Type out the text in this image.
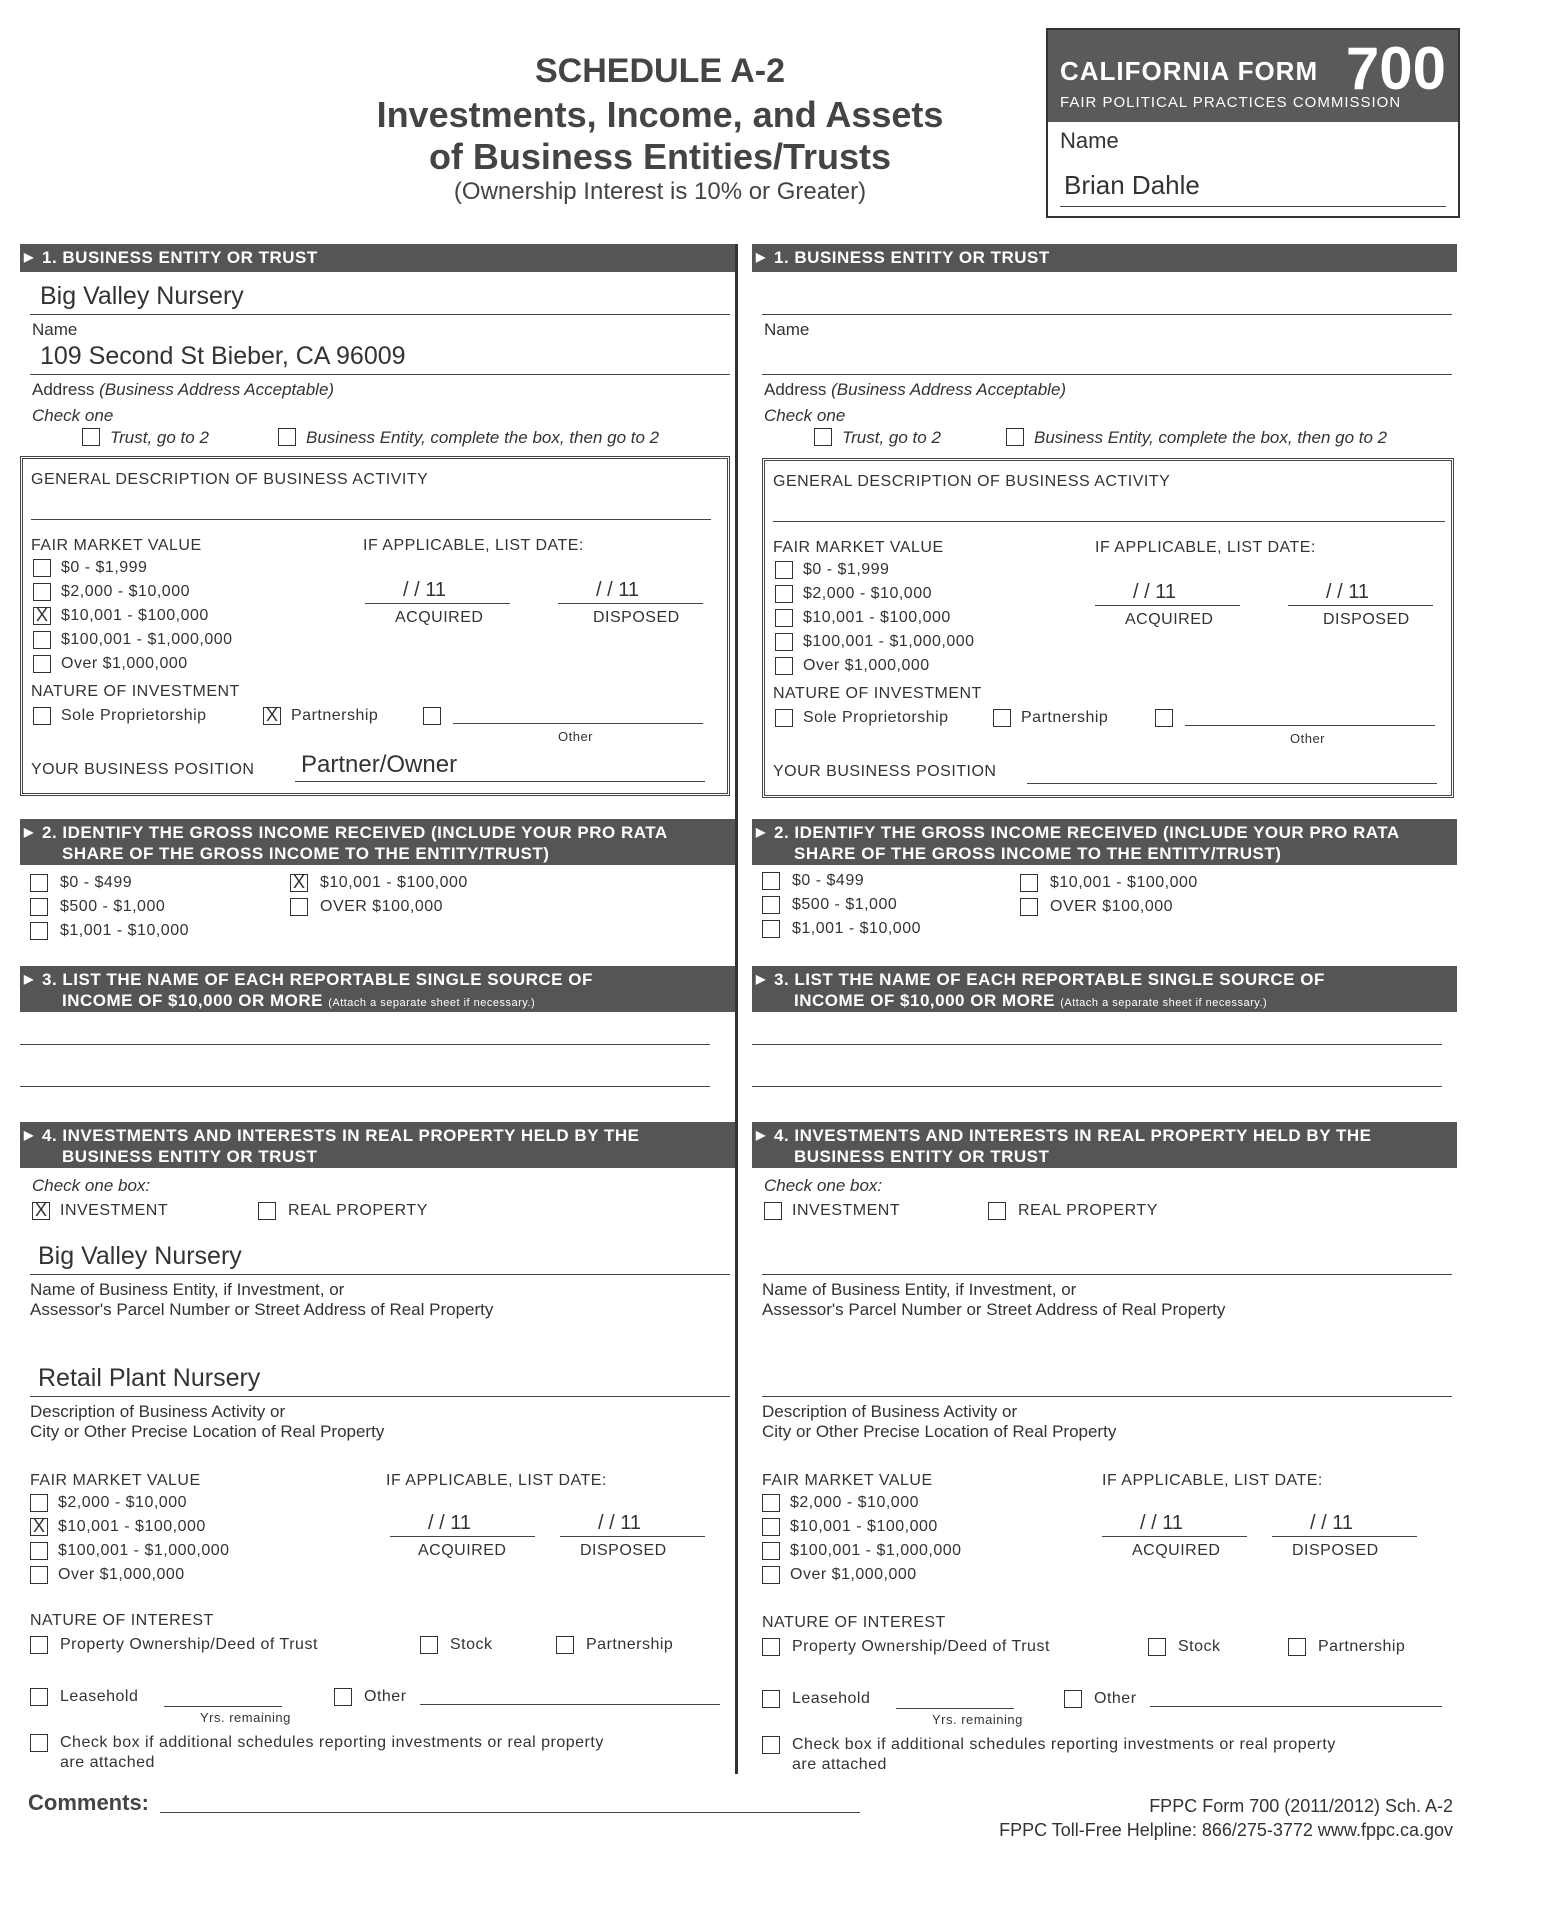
SCHEDULE A-2
Investments, Income, and Assets
of Business Entities/Trusts
(Ownership Interest is 10% or Greater)
CALIFORNIA FORM 700
FAIR POLITICAL PRACTICES COMMISSION
Name
Brian Dahle
▶ 1. BUSINESS ENTITY OR TRUST
Big Valley Nursery
Name
109 Second St Bieber, CA 96009
Address (Business Address Acceptable)
Check one
Trust, go to 2	Business Entity, complete the box, then go to 2
GENERAL DESCRIPTION OF BUSINESS ACTIVITY
FAIR MARKET VALUE	IF APPLICABLE, LIST DATE:
$0 - $1,999
$2,000 - $10,000
X $10,001 - $100,000
$100,001 - $1,000,000
Over $1,000,000
/ / 11
ACQUIRED
/ / 11
DISPOSED
NATURE OF INVESTMENT
Sole Proprietorship	X Partnership
Other
YOUR BUSINESS POSITION Partner/Owner
▶ 2. IDENTIFY THE GROSS INCOME RECEIVED (INCLUDE YOUR PRO RATA
SHARE OF THE GROSS INCOME TO THE ENTITY/TRUST)
$0 - $499
$500 - $1,000
$1,001 - $10,000
X $10,001 - $100,000
OVER $100,000
▶ 3. LIST THE NAME OF EACH REPORTABLE SINGLE SOURCE OF
INCOME OF $10,000 OR MORE (Attach a separate sheet if necessary.)
▶ 4. INVESTMENTS AND INTERESTS IN REAL PROPERTY HELD BY THE
BUSINESS ENTITY OR TRUST
Check one box:
X INVESTMENT	REAL PROPERTY
Big Valley Nursery
Name of Business Entity, if Investment, or
Assessor's Parcel Number or Street Address of Real Property
Retail Plant Nursery
Description of Business Activity or
City or Other Precise Location of Real Property
FAIR MARKET VALUE	IF APPLICABLE, LIST DATE:
$2,000 - $10,000
X $10,001 - $100,000
$100,001 - $1,000,000
Over $1,000,000
/ / 11
ACQUIRED
/ / 11
DISPOSED
NATURE OF INTEREST
Property Ownership/Deed of Trust	Stock	Partnership
Leasehold
Yrs. remaining
Other
Check box if additional schedules reporting investments or real property
are attached
▶ 1. BUSINESS ENTITY OR TRUST
Name
Address (Business Address Acceptable)
Check one
Trust, go to 2	Business Entity, complete the box, then go to 2
GENERAL DESCRIPTION OF BUSINESS ACTIVITY
FAIR MARKET VALUE	IF APPLICABLE, LIST DATE:
$0 - $1,999
$2,000 - $10,000
$10,001 - $100,000
$100,001 - $1,000,000
Over $1,000,000
/ / 11
ACQUIRED
/ / 11
DISPOSED
NATURE OF INVESTMENT
Sole Proprietorship	Partnership
Other
YOUR BUSINESS POSITION
▶ 2. IDENTIFY THE GROSS INCOME RECEIVED (INCLUDE YOUR PRO RATA
SHARE OF THE GROSS INCOME TO THE ENTITY/TRUST)
$0 - $499
$500 - $1,000
$1,001 - $10,000
$10,001 - $100,000
OVER $100,000
▶ 3. LIST THE NAME OF EACH REPORTABLE SINGLE SOURCE OF
INCOME OF $10,000 OR MORE (Attach a separate sheet if necessary.)
▶ 4. INVESTMENTS AND INTERESTS IN REAL PROPERTY HELD BY THE
BUSINESS ENTITY OR TRUST
Check one box:
INVESTMENT	REAL PROPERTY
Name of Business Entity, if Investment, or
Assessor's Parcel Number or Street Address of Real Property
Description of Business Activity or
City or Other Precise Location of Real Property
FAIR MARKET VALUE	IF APPLICABLE, LIST DATE:
$2,000 - $10,000
$10,001 - $100,000
$100,001 - $1,000,000
Over $1,000,000
/ / 11
ACQUIRED
/ / 11
DISPOSED
NATURE OF INTEREST
Property Ownership/Deed of Trust	Stock	Partnership
Leasehold
Yrs. remaining
Other
Check box if additional schedules reporting investments or real property
are attached
Comments:	FPPC Form 700 (2011/2012) Sch. A-2
FPPC Toll-Free Helpline: 866/275-3772 www.fppc.ca.gov
